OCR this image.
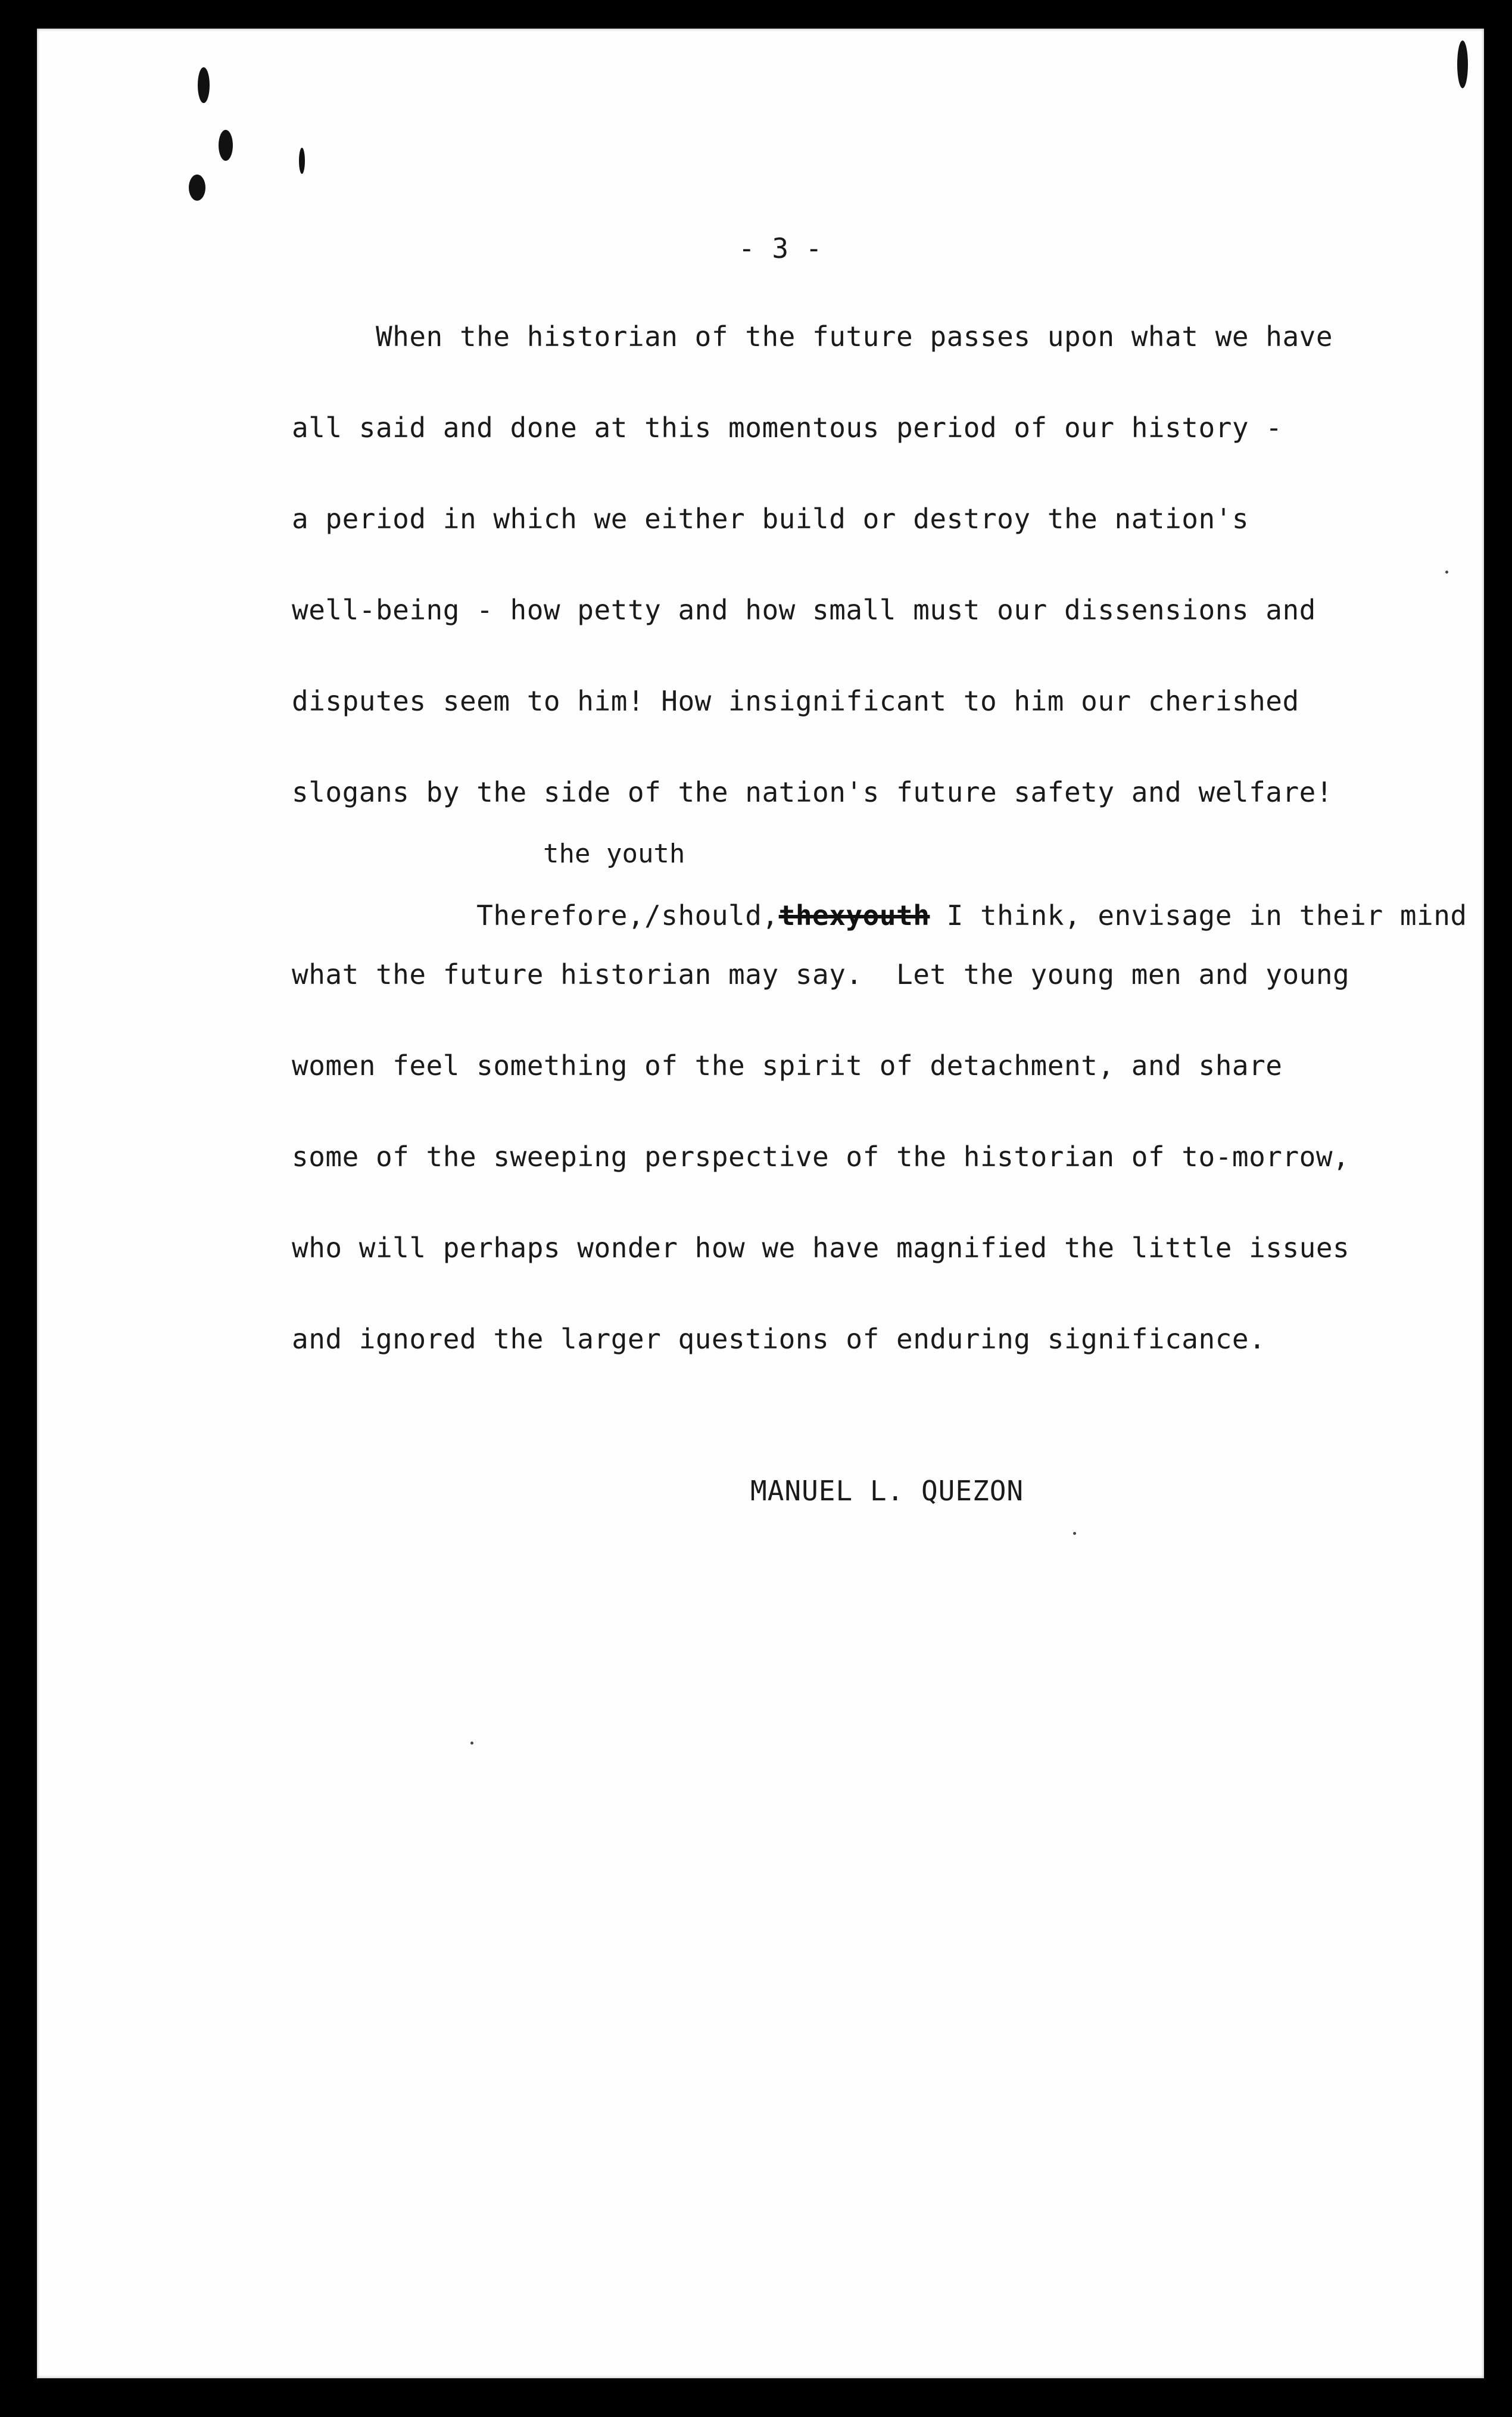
- 3 -
When the historian of the future passes upon what we have
all said and done at this momentous period of our history -
a period in which we either build or destroy the nation's
well-being - how petty and how small must our dissensions and
disputes seem to him! How insignificant to him our cherished
slogans by the side of the nation's future safety and welfare!
the youth

Therefore,/should,thexyouth I think, envisage in their mind

what the future historian may say.  Let the young men and young
women feel something of the spirit of detachment, and share
some of the sweeping perspective of the historian of to-morrow,
who will perhaps wonder how we have magnified the little issues
and ignored the larger questions of enduring significance.
MANUEL L. QUEZON
